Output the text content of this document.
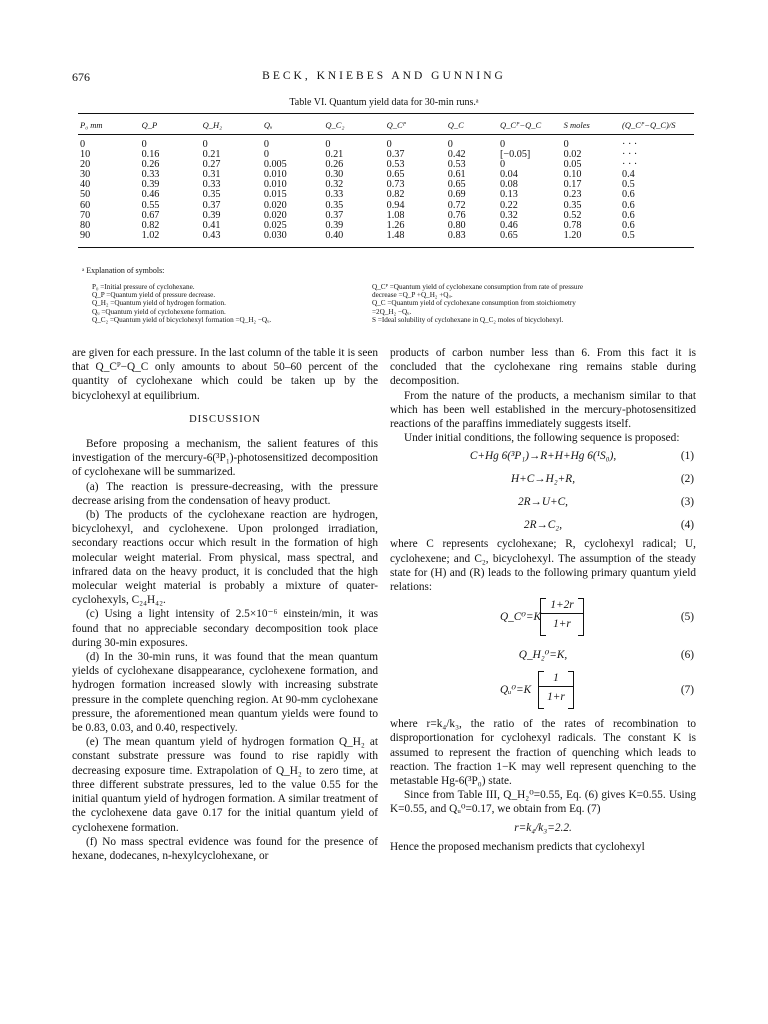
676	BECK, KNIEBES AND GUNNING
Table VI. Quantum yield data for 30-min runs.ᵃ
P₀ mm	Q_P	Q_H₂	Qᵤ	Q_C₂	Q_Cᴾ	Q_C	Q_Cᴾ−Q_C	S moles	(Q_Cᴾ−Q_C)/S
0	0	0	0	0	0	0	0	0	· · ·
10	0.16	0.21	0	0.21	0.37	0.42	[−0.05]	0.02	· · ·
20	0.26	0.27	0.005	0.26	0.53	0.53	0	0.05	· · ·
30	0.33	0.31	0.010	0.30	0.65	0.61	0.04	0.10	0.4
40	0.39	0.33	0.010	0.32	0.73	0.65	0.08	0.17	0.5
50	0.46	0.35	0.015	0.33	0.82	0.69	0.13	0.23	0.6
60	0.55	0.37	0.020	0.35	0.94	0.72	0.22	0.35	0.6
70	0.67	0.39	0.020	0.37	1.08	0.76	0.32	0.52	0.6
80	0.82	0.41	0.025	0.39	1.26	0.80	0.46	0.78	0.6
90	1.02	0.43	0.030	0.40	1.48	0.83	0.65	1.20	0.5
ᵃ Explanation of symbols:
P₀ =Initial pressure of cyclohexane.
Q_P =Quantum yield of pressure decrease.
Q_H₂ =Quantum yield of hydrogen formation.
Qᵤ =Quantum yield of cyclohexene formation.
Q_C₂ =Quantum yield of bicyclohexyl formation =Q_H₂ −Qᵤ.
Q_Cᴾ =Quantum yield of cyclohexane consumption from rate of pressure
decrease =Q_P +Q_H₂ +Qᵤ.
Q_C =Quantum yield of cyclohexane consumption from stoichiometry
=2Q_H₂ −Qᵤ.
S =Ideal solubility of cyclohexane in Q_C₂ moles of bicyclohexyl.

are given for each pressure. In the last column of the table it is seen that Q_Cᴾ−Q_C only amounts to about 50–60 percent of the quantity of cyclohexane which could be taken up by the bicyclohexyl at equilibrium.

DISCUSSION

Before proposing a mechanism, the salient features of this investigation of the mercury-6(³P₁)-photosensitized decomposition of cyclohexane will be summarized.

(a) The reaction is pressure-decreasing, with the pressure decrease arising from the condensation of heavy product.

(b) The products of the cyclohexane reaction are hydrogen, bicyclohexyl, and cyclohexene. Upon prolonged irradiation, secondary reactions occur which result in the formation of high molecular weight material. From physical, mass spectral, and infrared data on the heavy product, it is concluded that the high molecular weight material is probably a mixture of quater-cyclohexyls, C₂₄H₄₂.

(c) Using a light intensity of 2.5×10⁻⁶ einstein/min, it was found that no appreciable secondary decomposition took place during 30-min exposures.

(d) In the 30-min runs, it was found that the mean quantum yields of cyclohexane disappearance, cyclohexene formation, and hydrogen formation increased slowly with increasing substrate pressure in the complete quenching region. At 90-mm cyclohexane pressure, the aforementioned mean quantum yields were found to be 0.83, 0.03, and 0.40, respectively.

(e) The mean quantum yield of hydrogen formation Q_H₂ at constant substrate pressure was found to rise rapidly with decreasing exposure time. Extrapolation of Q_H₂ to zero time, at three different substrate pressures, led to the value 0.55 for the initial quantum yield of hydrogen formation. A similar treatment of the cyclohexene data gave 0.17 for the initial quantum yield of cyclohexene formation.

(f) No mass spectral evidence was found for the presence of hexane, dodecanes, n-hexylcyclohexane, or

products of carbon number less than 6. From this fact it is concluded that the cyclohexane ring remains stable during decomposition.

From the nature of the products, a mechanism similar to that which has been well established in the mercury-photosensitized reactions of the paraffins immediately suggests itself.

Under initial conditions, the following sequence is proposed:

C+Hg 6(³P₁)→R+H+Hg 6(¹S₀),	(1)
H+C→H₂+R,	(2)
2R→U+C,	(3)
2R→C₂,	(4)

where C represents cyclohexane; R, cyclohexyl radical; U, cyclohexene; and C₂, bicyclohexyl. The assumption of the steady state for (H) and (R) leads to the following primary quantum yield relations:

Q_C⁰=K
1+2r
1+r
(5)
Q_H₂⁰=K,	(6)
Qᵤ⁰=K
1
1+r
(7)

where r=k₄/k₃, the ratio of the rates of recombination to disproportionation for cyclohexyl radicals. The constant K is assumed to represent the fraction of quenching which leads to reaction. The fraction 1−K may well represent quenching to the metastable Hg-6(³P₀) state.

Since from Table III, Q_H₂⁰=0.55, Eq. (6) gives K=0.55. Using K=0.55, and Qᵤ⁰=0.17, we obtain from Eq. (7)

r=k₄/k₃=2.2.

Hence the proposed mechanism predicts that cyclohexyl
